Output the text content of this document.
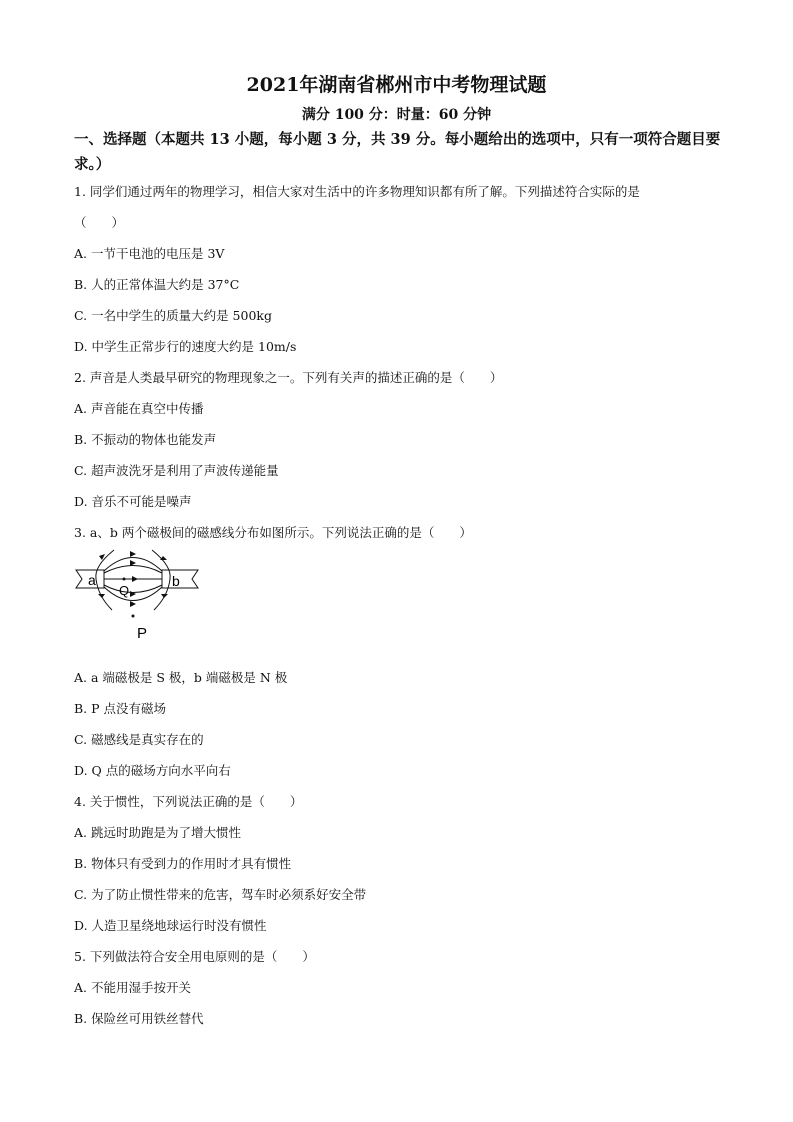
2021年湖南省郴州市中考物理试题
满分 100 分：时量：60 分钟
一、选择题（本题共 13 小题，每小题 3 分，共 39 分。每小题给出的选项中，只有一项符合题目要求。）
1. 同学们通过两年的物理学习，相信大家对生活中的许多物理知识都有所了解。下列描述符合实际的是
（　　）
A. 一节干电池的电压是 3V
B. 人的正常体温大约是 37°C
C. 一名中学生的质量大约是 500kg
D. 中学生正常步行的速度大约是 10m/s
2. 声音是人类最早研究的物理现象之一。下列有关声的描述正确的是（　　）
A. 声音能在真空中传播
B. 不振动的物体也能发声
C. 超声波洗牙是利用了声波传递能量
D. 音乐不可能是噪声
3. a、b 两个磁极间的磁感线分布如图所示。下列说法正确的是（　　）
a	b
Q
P
A. a 端磁极是 S 极，b 端磁极是 N 极
B. P 点没有磁场
C. 磁感线是真实存在的
D. Q 点的磁场方向水平向右
4. 关于惯性，下列说法正确的是（　　）
A. 跳远时助跑是为了增大惯性
B. 物体只有受到力的作用时才具有惯性
C. 为了防止惯性带来的危害，驾车时必须系好安全带
D. 人造卫星绕地球运行时没有惯性
5. 下列做法符合安全用电原则的是（　　）
A. 不能用湿手按开关
B. 保险丝可用铁丝替代
